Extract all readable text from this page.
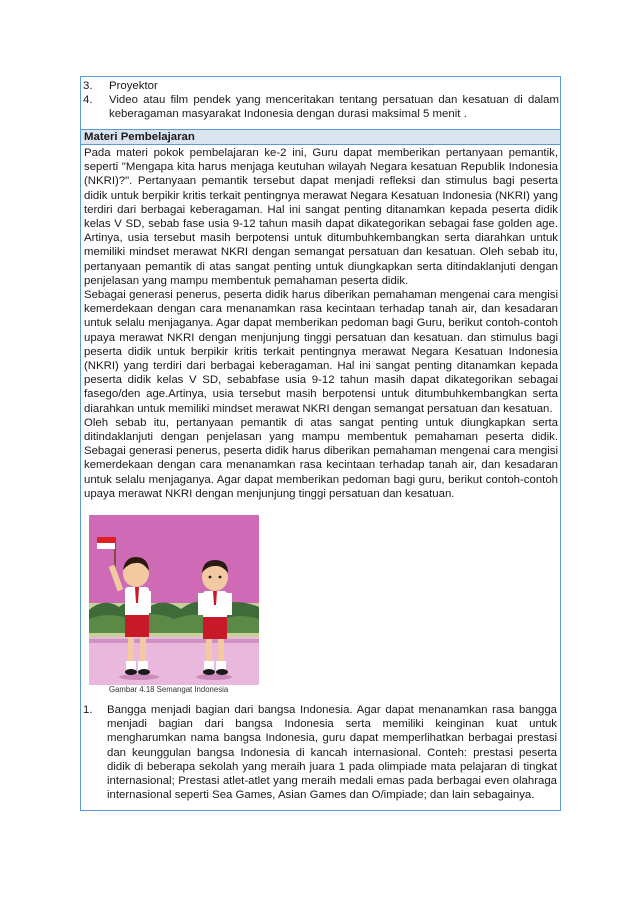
3.	Proyektor
4.	Video atau film pendek yang menceritakan tentang persatuan dan kesatuan di dalam keberagaman masyarakat Indonesia dengan durasi maksimal 5 menit .
Materi Pembelajaran

Pada materi pokok pembelajaran ke-2 ini, Guru dapat memberikan pertanyaan pemantik, seperti "Mengapa kita harus menjaga keutuhan wilayah Negara kesatuan Republik Indonesia (NKRI)?". Pertanyaan pemantik tersebut dapat menjadi refleksi dan stimulus bagi peserta didik untuk berpikir kritis terkait pentingnya merawat Negara Kesatuan Indonesia (NKRI) yang terdiri dari berbagai keberagaman. Hal ini sangat penting ditanamkan kepada peserta didik kelas V SD, sebab fase usia 9-12 tahun masih dapat dikategorikan sebagai fase golden age. Artinya, usia tersebut masih berpotensi untuk ditumbuhkembangkan serta diarahkan untuk memiliki mindset merawat NKRI dengan semangat persatuan dan kesatuan. Oleh sebab itu, pertanyaan pemantik di atas sangat penting untuk diungkapkan serta ditindaklanjuti dengan penjelasan yang mampu membentuk pemahaman peserta didik.

Sebagai generasi penerus, peserta didik harus diberikan pemahaman mengenai cara mengisi kemerdekaan dengan cara menanamkan rasa kecintaan terhadap tanah air, dan kesadaran untuk selalu menjaganya. Agar dapat memberikan pedoman bagi Guru, berikut contoh-contoh upaya merawat NKRI dengan menjunjung tinggi persatuan dan kesatuan. dan stimulus bagi peserta didik untuk berpikir kritis terkait pentingnya merawat Negara Kesatuan Indonesia (NKRI) yang terdiri dari berbagai keberagaman. Hal ini sangat penting ditanamkan kepada peserta didik kelas V SD, sebabfase usia 9-12 tahun masih dapat dikategorikan sebagai fasego/den age.Artinya, usia tersebut masih berpotensi untuk ditumbuhkembangkan serta diarahkan untuk memiliki mindset merawat NKRI dengan semangat persatuan dan kesatuan.

Oleh sebab itu, pertanyaan pemantik di atas sangat penting untuk diungkapkan serta ditindaklanjuti dengan penjelasan yang mampu membentuk pemahaman peserta didik. Sebagai generasi penerus, peserta didik harus diberikan pemahaman mengenai cara mengisi kemerdekaan dengan cara menanamkan rasa kecintaan terhadap tanah air, dan kesadaran untuk selalu menjaganya. Agar dapat memberikan pedoman bagi guru, berikut contoh-contoh upaya merawat NKRI dengan menjunjung tinggi persatuan dan kesatuan.

Gambar 4.18 Semangat Indonesia
1. Bangga menjadi bagian dari bangsa Indonesia. Agar dapat menanamkan rasa bangga menjadi bagian dari bangsa Indonesia serta memiliki keinginan kuat untuk mengharumkan nama bangsa Indonesia, guru dapat memperlihatkan berbagai prestasi dan keunggulan bangsa Indonesia di kancah internasional. Conteh: prestasi peserta didik di beberapa sekolah yang meraih juara 1 pada olimpiade mata pelajaran di tingkat internasional; Prestasi atlet-atlet yang meraih medali emas pada berbagai even olahraga internasional seperti Sea Games, Asian Games dan O/impiade; dan lain sebagainya.
